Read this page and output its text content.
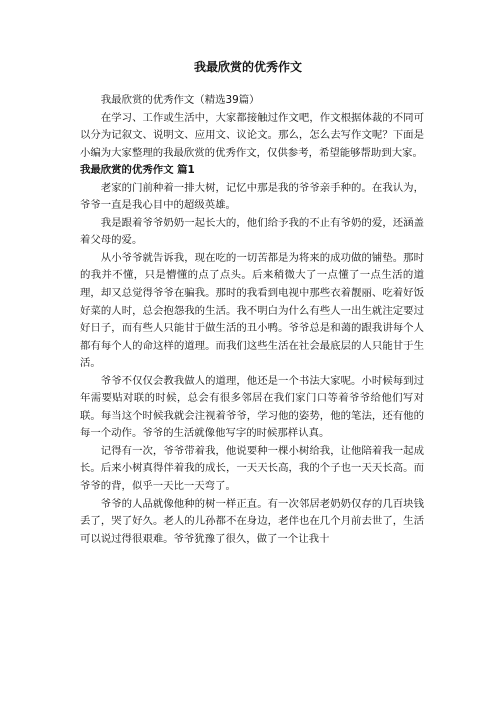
我最欣赏的优秀作文

我最欣赏的优秀作文（精选39篇）

在学习、工作或生活中，大家都接触过作文吧，作文根据体裁的不同可以分为记叙文、说明文、应用文、议论文。那么，怎么去写作文呢？下面是小编为大家整理的我最欣赏的优秀作文，仅供参考，希望能够帮助到大家。

我最欣赏的优秀作文 篇1

老家的门前种着一排大树，记忆中那是我的爷爷亲手种的。在我认为，爷爷一直是我心目中的超级英雄。

我是跟着爷爷奶奶一起长大的，他们给予我的不止有爷奶的爱，还涵盖着父母的爱。

从小爷爷就告诉我，现在吃的一切苦都是为将来的成功做的铺垫。那时的我并不懂，只是懵懂的点了点头。后来稍微大了一点懂了一点生活的道理，却又总觉得爷爷在骗我。那时的我看到电视中那些衣着靓丽、吃着好饭好菜的人时，总会抱怨我的生活。我不明白为什么有些人一出生就注定要过好日子，而有些人只能甘于做生活的丑小鸭。爷爷总是和蔼的跟我讲每个人都有每个人的命这样的道理。而我们这些生活在社会最底层的人只能甘于生活。

爷爷不仅仅会教我做人的道理，他还是一个书法大家呢。小时候每到过年需要贴对联的时候，总会有很多邻居在我们家门口等着爷爷给他们写对联。每当这个时候我就会注视着爷爷，学习他的姿势，他的笔法，还有他的每一个动作。爷爷的生活就像他写字的时候那样认真。

记得有一次，爷爷带着我，他说要种一棵小树给我，让他陪着我一起成长。后来小树真得伴着我的成长，一天天长高，我的个子也一天天长高。而爷爷的背，似乎一天比一天弯了。

爷爷的人品就像他种的树一样正直。有一次邻居老奶奶仅存的几百块钱丢了，哭了好久。老人的儿孙都不在身边，老伴也在几个月前去世了，生活可以说过得很艰难。爷爷犹豫了很久，做了一个让我十
